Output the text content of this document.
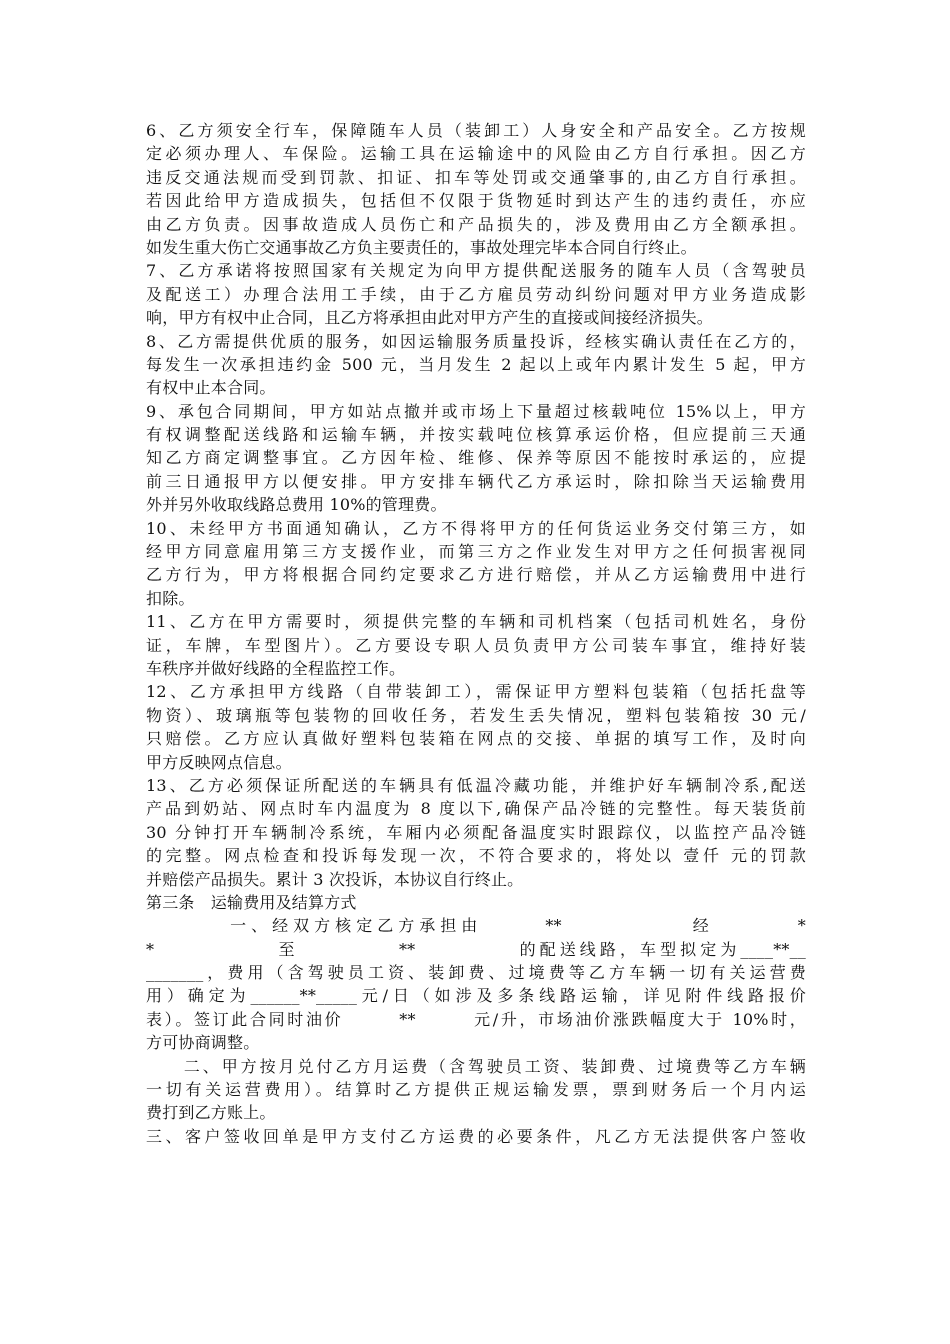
6、乙方须安全行车，保障随车人员（装卸工）人身安全和产品安全。乙方按规
定必须办理人、车保险。运输工具在运输途中的风险由乙方自行承担。因乙方
违反交通法规而受到罚款、扣证、扣车等处罚或交通肇事的,由乙方自行承担。
若因此给甲方造成损失，包括但不仅限于货物延时到达产生的违约责任，亦应
由乙方负责。因事故造成人员伤亡和产品损失的，涉及费用由乙方全额承担。
如发生重大伤亡交通事故乙方负主要责任的，事故处理完毕本合同自行终止。
7、乙方承诺将按照国家有关规定为向甲方提供配送服务的随车人员（含驾驶员
及配送工）办理合法用工手续，由于乙方雇员劳动纠纷问题对甲方业务造成影
响，甲方有权中止合同，且乙方将承担由此对甲方产生的直接或间接经济损失。
8、乙方需提供优质的服务，如因运输服务质量投诉，经核实确认责任在乙方的，
每发生一次承担违约金 500 元，当月发生 2 起以上或年内累计发生 5 起，甲方
有权中止本合同。
9、承包合同期间，甲方如站点撤并或市场上下量超过核载吨位 15%以上，甲方
有权调整配送线路和运输车辆，并按实载吨位核算承运价格，但应提前三天通
知乙方商定调整事宜。乙方因年检、维修、保养等原因不能按时承运的，应提
前三日通报甲方以便安排。甲方安排车辆代乙方承运时，除扣除当天运输费用
外并另外收取线路总费用 10%的管理费。
10、未经甲方书面通知确认，乙方不得将甲方的任何货运业务交付第三方，如
经甲方同意雇用第三方支援作业，而第三方之作业发生对甲方之任何损害视同
乙方行为，甲方将根据合同约定要求乙方进行赔偿，并从乙方运输费用中进行
扣除。
11、乙方在甲方需要时，须提供完整的车辆和司机档案（包括司机姓名，身份
证，车牌，车型图片）。乙方要设专职人员负责甲方公司装车事宜，维持好装
车秩序并做好线路的全程监控工作。
12、乙方承担甲方线路（自带装卸工），需保证甲方塑料包装箱（包括托盘等
物资）、玻璃瓶等包装物的回收任务，若发生丢失情况，塑料包装箱按 30 元/
只赔偿。乙方应认真做好塑料包装箱在网点的交接、单据的填写工作，及时向
甲方反映网点信息。
13、乙方必须保证所配送的车辆具有低温冷藏功能，并维护好车辆制冷系,配送
产品到奶站、网点时车内温度为 8 度以下,确保产品冷链的完整性。每天装货前
30 分钟打开车辆制冷系统，车厢内必须配备温度实时跟踪仪，以监控产品冷链
的完整。网点检查和投诉每发现一次，不符合要求的，将处以 壹仟 元的罚款
并赔偿产品损失。累计 3 次投诉，本协议自行终止。
第三条　运输费用及结算方式
　　　　一、经双方核定乙方承担由　　　**　　　　　　经　　　　*
*　　　　　　至　　　　　**　　　　　的配送线路，车型拟定为____**__
_______，费用（含驾驶员工资、装卸费、过境费等乙方车辆一切有关运营费
用）确定为______**_____元/日（如涉及多条线路运输，详见附件线路报价
表）。签订此合同时油价　　　**　　　元/升，市场油价涨跌幅度大于 10%时，
方可协商调整。
　　二、甲方按月兑付乙方月运费（含驾驶员工资、装卸费、过境费等乙方车辆
一切有关运营费用）。结算时乙方提供正规运输发票，票到财务后一个月内运
费打到乙方账上。
三、客户签收回单是甲方支付乙方运费的必要条件，凡乙方无法提供客户签收
